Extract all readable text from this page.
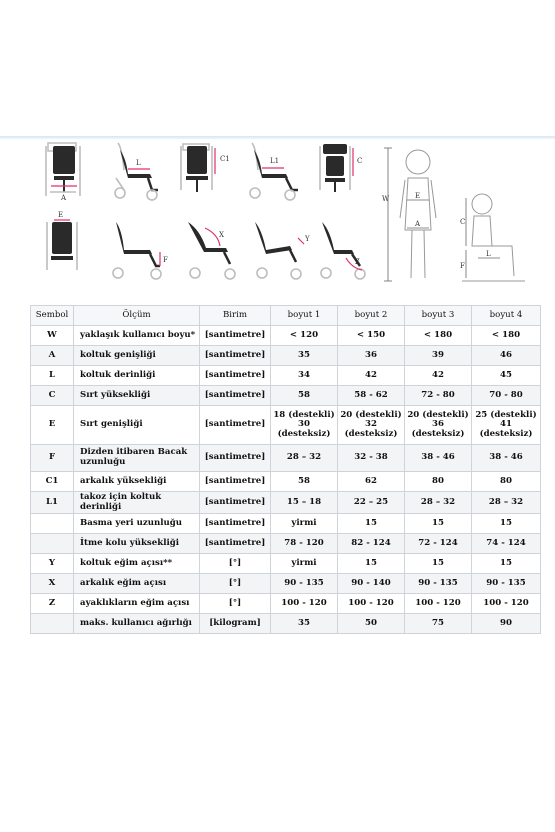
A
L	C1	L1	C
E
F
X	Y
Z
W	E
A	C
F
L
Sembol	Ölçüm	Birim	boyut 1	boyut 2	boyut 3	boyut 4
W	yaklaşık kullanıcı boyu*	[santimetre]	< 120	< 150	< 180	< 180
A	koltuk genişliği	[santimetre]	35	36	39	46
L	koltuk derinliği	[santimetre]	34	42	42	45
C	Sırt yüksekliği	[santimetre]	58	58 - 62	72 - 80	70 - 80
E	Sırt genişliği	[santimetre]	18 (destekli) 30 (desteksiz)	20 (destekli) 32 (desteksiz)	20 (destekli) 36 (desteksiz)	25 (destekli) 41 (desteksiz)
F	Dizden itibaren Bacak uzunluğu	[santimetre]	28 – 32	32 - 38	38 - 46	38 - 46
C1	arkalık yüksekliği	[santimetre]	58	62	80	80
L1	takoz için koltuk derinliği	[santimetre]	15 – 18	22 – 25	28 – 32	28 – 32
	Basma yeri uzunluğu	[santimetre]	yirmi	15	15	15
	İtme kolu yüksekliği	[santimetre]	78 - 120	82 - 124	72 - 124	74 - 124
Y	koltuk eğim açısı**	[°]	yirmi	15	15	15
X	arkalık eğim açısı	[°]	90 - 135	90 - 140	90 - 135	90 - 135
Z	ayaklıkların eğim açısı	[°]	100 - 120	100 - 120	100 - 120	100 - 120
	maks. kullanıcı ağırlığı	[kilogram]	35	50	75	90
